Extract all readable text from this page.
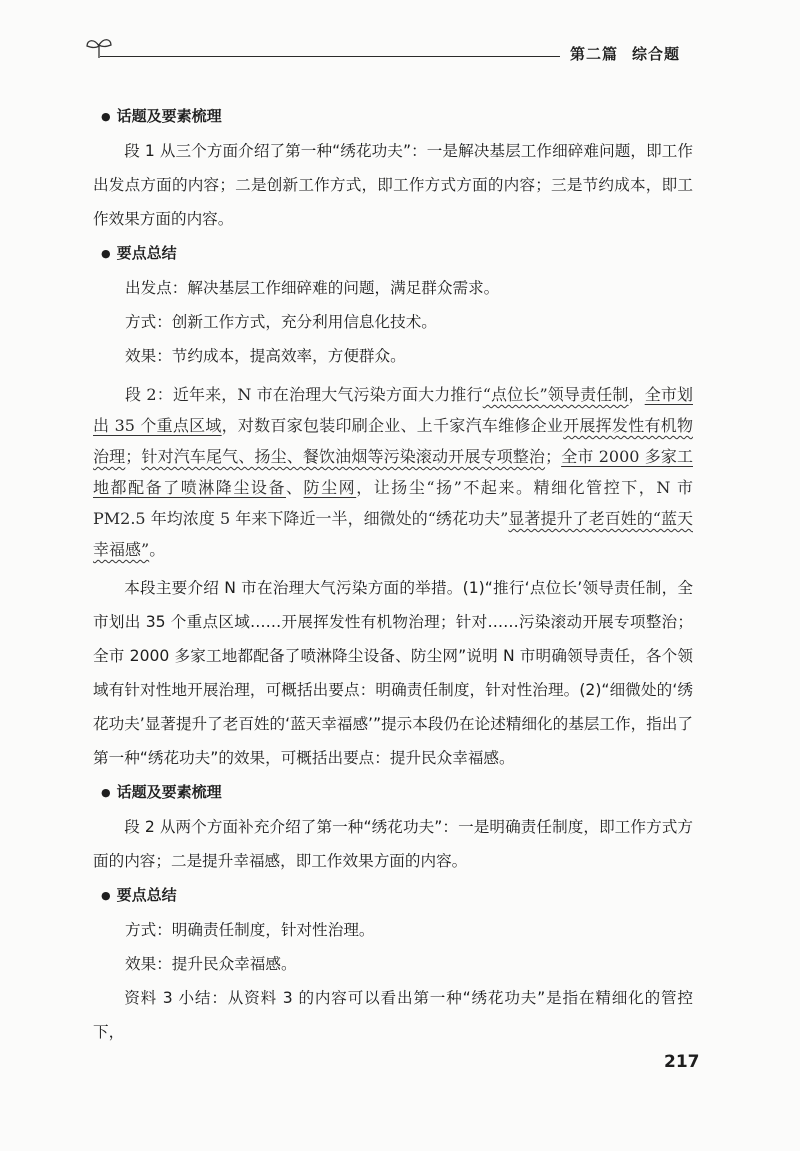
第二篇 综合题

● 话题及要素梳理

段 1 从三个方面介绍了第一种“绣花功夫”：一是解决基层工作细碎难问题，即工作出发点方面的内容；二是创新工作方式，即工作方式方面的内容；三是节约成本，即工作效果方面的内容。

● 要点总结

出发点：解决基层工作细碎难的问题，满足群众需求。

方式：创新工作方式，充分利用信息化技术。

效果：节约成本，提高效率，方便群众。

段 2：近年来，N 市在治理大气污染方面大力推行“点位长”领导责任制，全市划出 35 个重点区域，对数百家包装印刷企业、上千家汽车维修企业开展挥发性有机物治理；针对汽车尾气、扬尘、餐饮油烟等污染滚动开展专项整治；全市 2000 多家工地都配备了喷淋降尘设备、防尘网，让扬尘“扬”不起来。精细化管控下，N 市 PM2.5 年均浓度 5 年来下降近一半，细微处的“绣花功夫”显著提升了老百姓的“蓝天幸福感”。

本段主要介绍 N 市在治理大气污染方面的举措。(1)“推行‘点位长’领导责任制，全市划出 35 个重点区域……开展挥发性有机物治理；针对……污染滚动开展专项整治；全市 2000 多家工地都配备了喷淋降尘设备、防尘网”说明 N 市明确领导责任，各个领域有针对性地开展治理，可概括出要点：明确责任制度，针对性治理。(2)“细微处的‘绣花功夫’显著提升了老百姓的‘蓝天幸福感’”提示本段仍在论述精细化的基层工作，指出了第一种“绣花功夫”的效果，可概括出要点：提升民众幸福感。

● 话题及要素梳理

段 2 从两个方面补充介绍了第一种“绣花功夫”：一是明确责任制度，即工作方式方面的内容；二是提升幸福感，即工作效果方面的内容。

● 要点总结

方式：明确责任制度，针对性治理。

效果：提升民众幸福感。

资料 3 小结：从资料 3 的内容可以看出第一种“绣花功夫”是指在精细化的管控下，

217
